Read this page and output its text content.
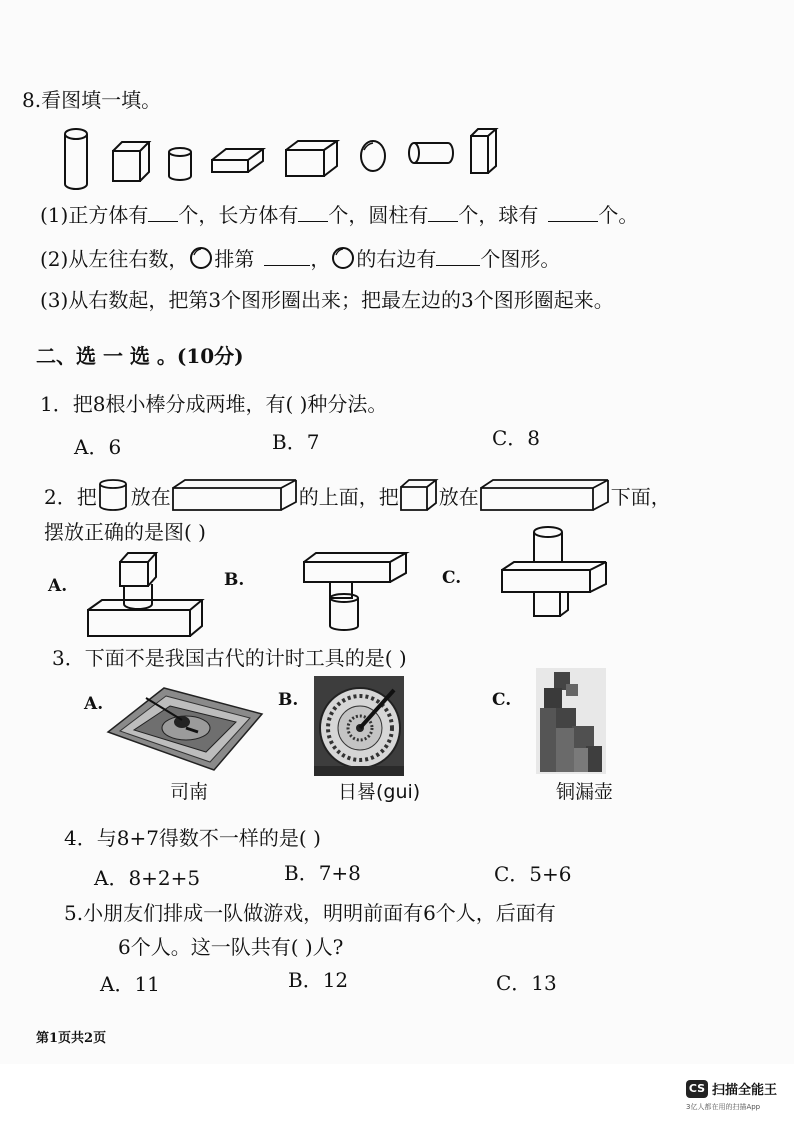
8.看图填一填。
(1)正方体有 个，长方体有 个，圆柱有 个，球有	个。
(2)从左往右数， 排第	， 的右边有 个图形。
(3)从右数起，把第3个图形圈出来；把最左边的3个图形圈起来。
二、选 一 选 。(10分)
1．把8根小棒分成两堆，有( )种分法。
A．6	B．7	C．8
2．把 放在	的上面，把 放在	下面，
摆放正确的是图( )
A.	B.	C.
3．下面不是我国古代的计时工具的是( )
A.	B.	C.
司南	日晷(gui)	铜漏壶
4．与8+7得数不一样的是( )
A．8+2+5	B．7+8	C．5+6
5.小朋友们排成一队做游戏，明明前面有6个人，后面有
6个人。这一队共有( )人?
A．11	B．12	C．13
第1页共2页
CS 扫描全能王
3亿人都在用的扫描App
